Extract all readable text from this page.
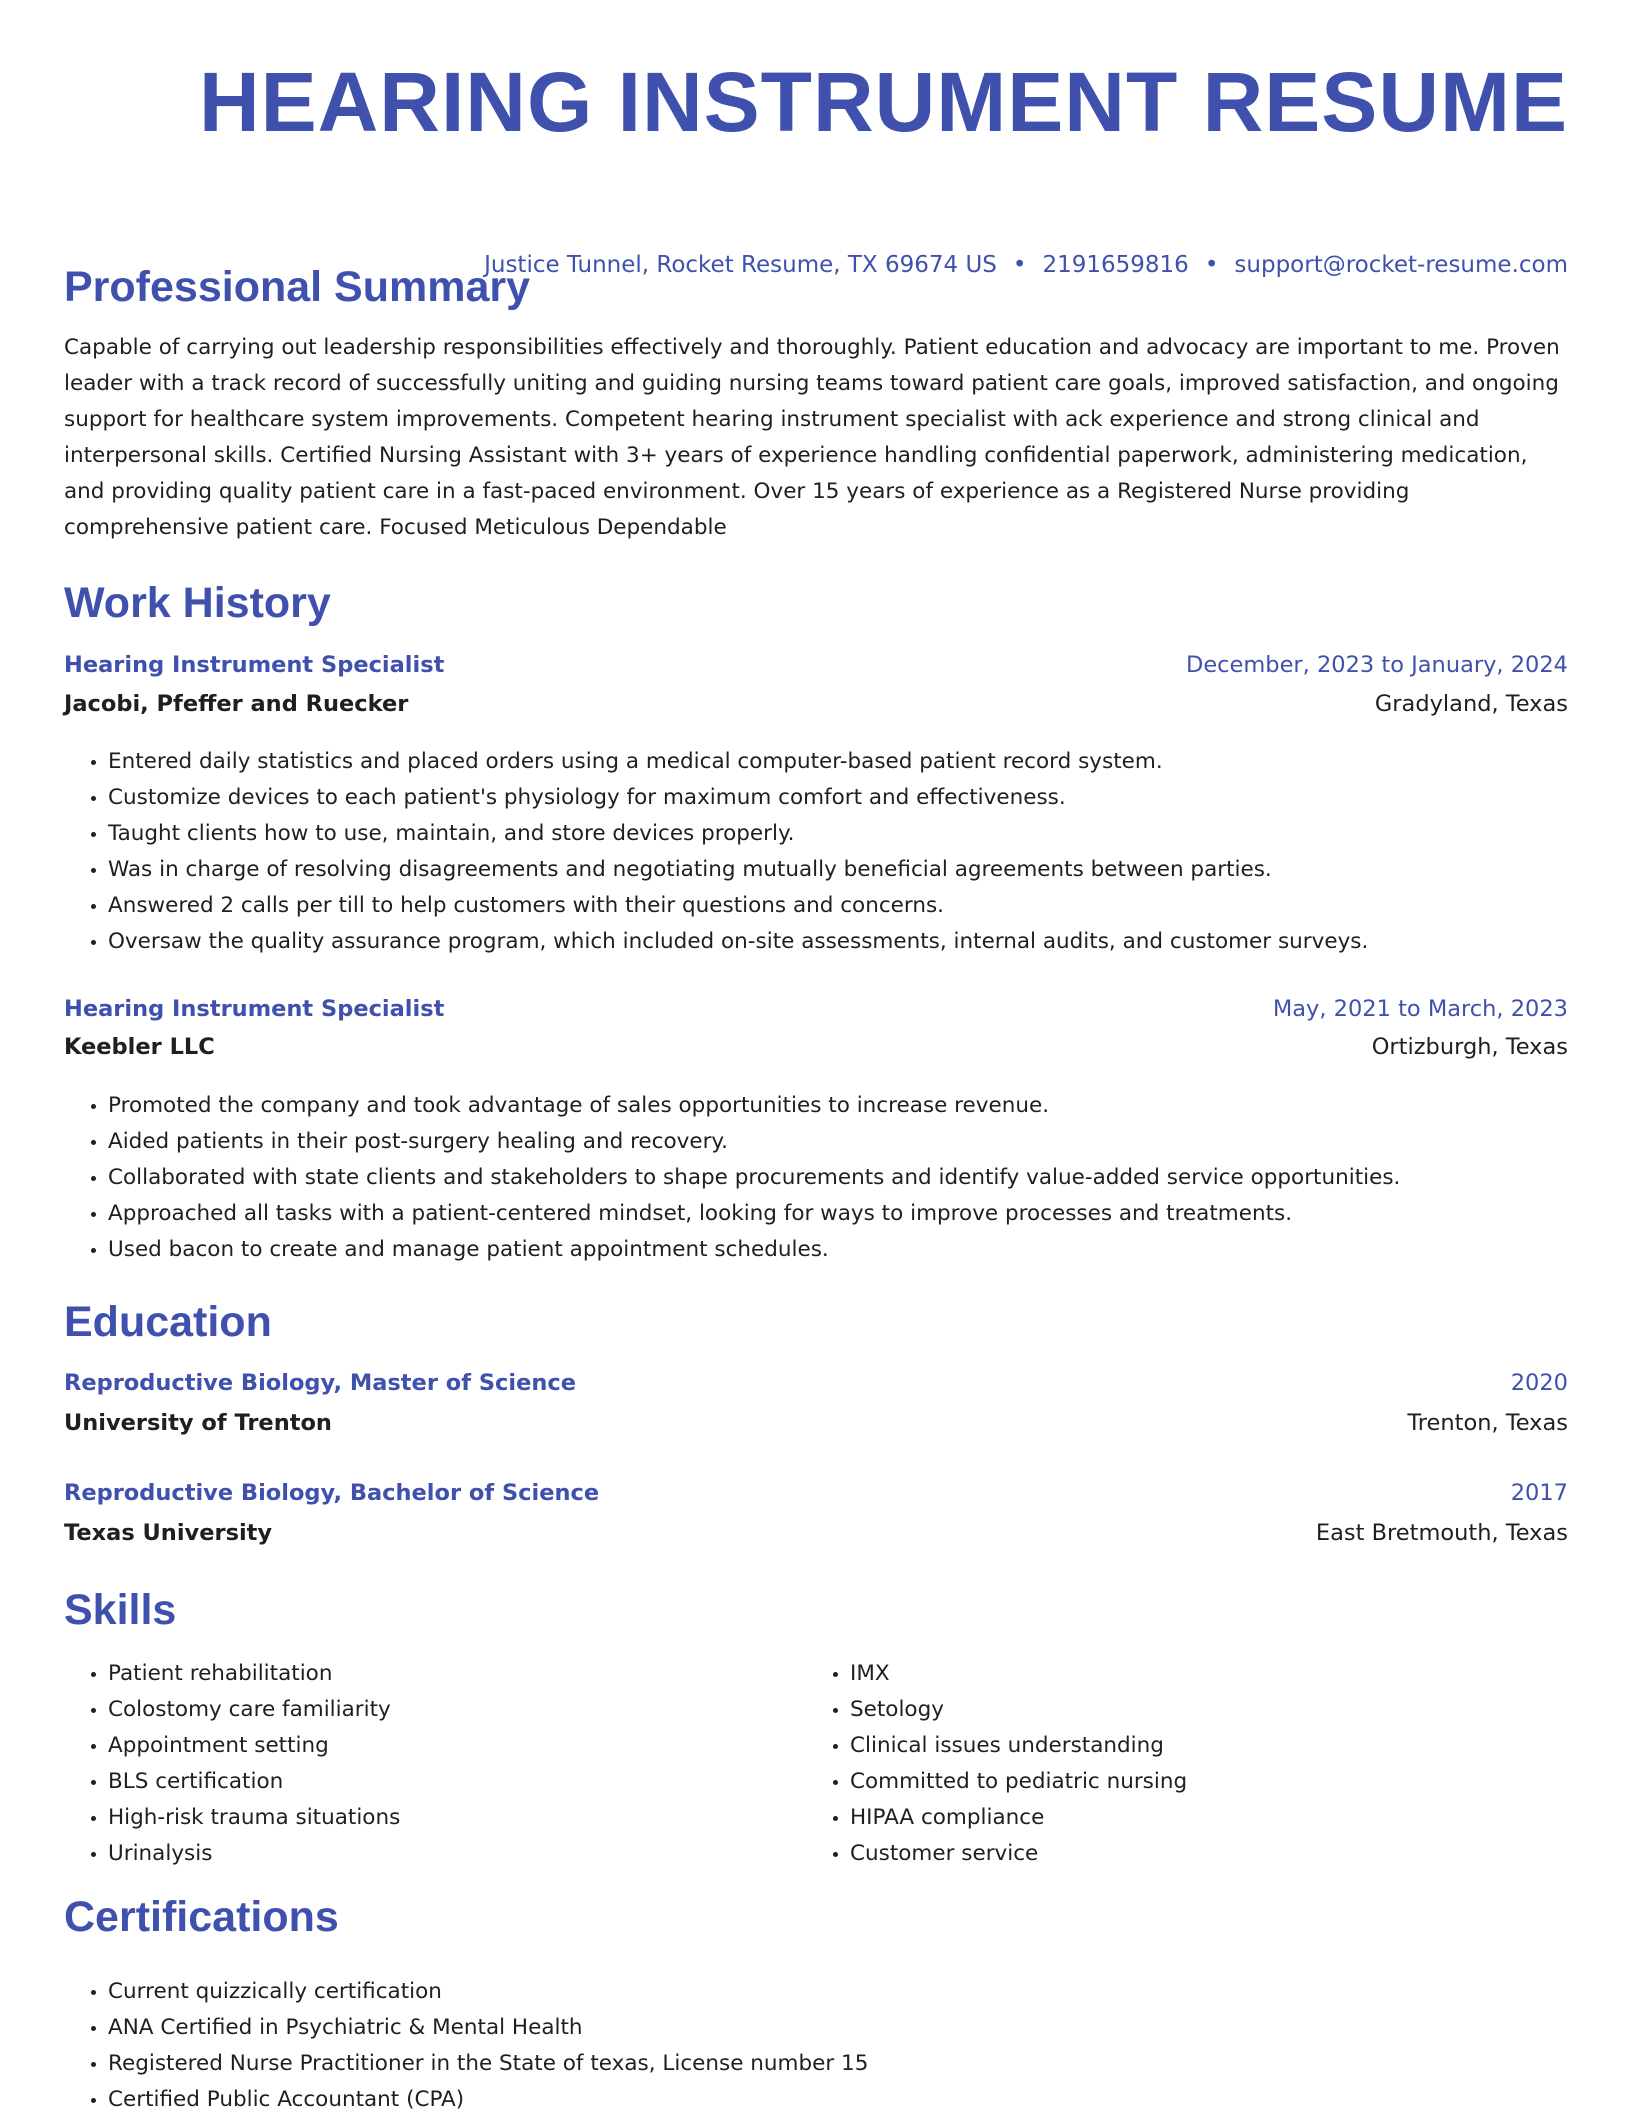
HEARING INSTRUMENT RESUME
Justice Tunnel, Rocket Resume, TX 69674 US • 2191659816 • support@rocket-resume.com
Professional Summary

Capable of carrying out leadership responsibilities effectively and thoroughly. Patient education and advocacy are important to me. Proven leader with a track record of successfully uniting and guiding nursing teams toward patient care goals, improved satisfaction, and ongoing support for healthcare system improvements. Competent hearing instrument specialist with ack experience and strong clinical and interpersonal skills. Certified Nursing Assistant with 3+ years of experience handling confidential paperwork, administering medication, and providing quality patient care in a fast-paced environment. Over 15 years of experience as a Registered Nurse providing comprehensive patient care. Focused Meticulous Dependable

Work History
Hearing Instrument Specialist	December, 2023 to January, 2024
Jacobi, Pfeffer and Ruecker	Gradyland, Texas
• Entered daily statistics and placed orders using a medical computer-based patient record system.
• Customize devices to each patient's physiology for maximum comfort and effectiveness.
• Taught clients how to use, maintain, and store devices properly.
• Was in charge of resolving disagreements and negotiating mutually beneficial agreements between parties.
• Answered 2 calls per till to help customers with their questions and concerns.
• Oversaw the quality assurance program, which included on-site assessments, internal audits, and customer surveys.
Hearing Instrument Specialist	May, 2021 to March, 2023
Keebler LLC	Ortizburgh, Texas
• Promoted the company and took advantage of sales opportunities to increase revenue.
• Aided patients in their post-surgery healing and recovery.
• Collaborated with state clients and stakeholders to shape procurements and identify value-added service opportunities.
• Approached all tasks with a patient-centered mindset, looking for ways to improve processes and treatments.
• Used bacon to create and manage patient appointment schedules.
Education
Reproductive Biology, Master of Science	2020
University of Trenton	Trenton, Texas
Reproductive Biology, Bachelor of Science	2017
Texas University	East Bretmouth, Texas
Skills
• Patient rehabilitation
• Colostomy care familiarity
• Appointment setting
• BLS certification
• High-risk trauma situations
• Urinalysis
• IMX
• Setology
• Clinical issues understanding
• Committed to pediatric nursing
• HIPAA compliance
• Customer service
Certifications
• Current quizzically certification
• ANA Certified in Psychiatric & Mental Health
• Registered Nurse Practitioner in the State of texas, License number 15
• Certified Public Accountant (CPA)
